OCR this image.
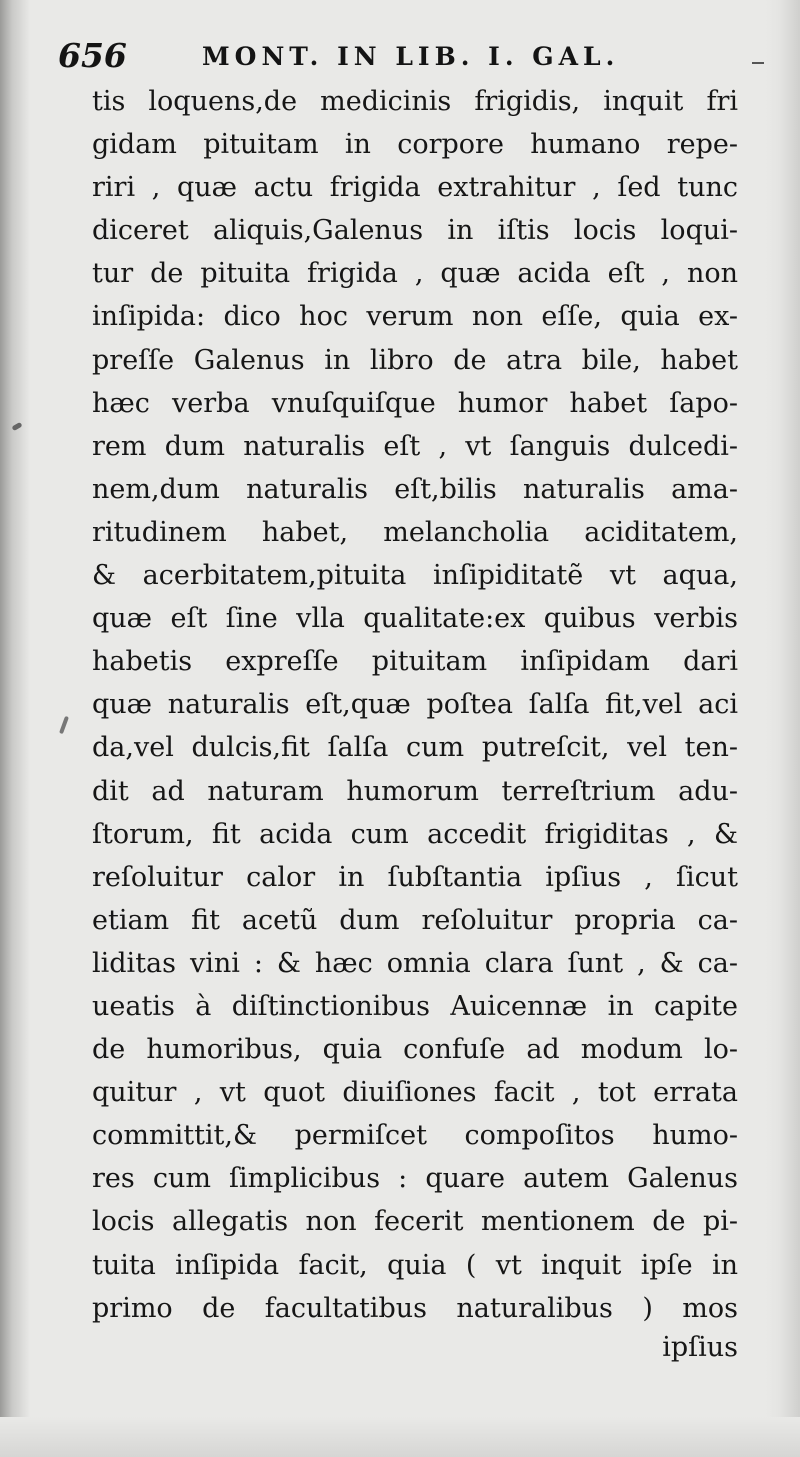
656	MONT. IN LIB. I. GAL.
tis loquens,de medicinis frigidis, inquit fri
gidam pituitam in corpore humano repe-
riri , quæ actu frigida extrahitur , ſed tunc
diceret aliquis,Galenus in iſtis locis loqui-
tur de pituita frigida , quæ acida eſt , non
inſipida: dico hoc verum non eſſe, quia ex-
preſſe Galenus in libro de atra bile, habet
hæc verba vnuſquiſque humor habet ſapo-
rem dum naturalis eſt , vt ſanguis dulcedi-
nem,dum naturalis eſt,bilis naturalis ama-
ritudinem habet, melancholia aciditatem,
& acerbitatem,pituita inſipiditatẽ vt aqua,
quæ eſt ſine vlla qualitate:ex quibus verbis
habetis expreſſe pituitam inſipidam dari
quæ naturalis eſt,quæ poſtea ſalſa fit,vel aci
da,vel dulcis,fit ſalſa cum putreſcit, vel ten-
dit ad naturam humorum terreſtrium adu-
ſtorum, fit acida cum accedit frigiditas , &
reſoluitur calor in ſubſtantia ipſius , ſicut
etiam fit acetũ dum reſoluitur propria ca-
liditas vini : & hæc omnia clara ſunt , & ca-
ueatis à diſtinctionibus Auicennæ in capite
de humoribus, quia confuſe ad modum lo-
quitur , vt quot diuiſiones facit , tot errata
committit,& permiſcet compoſitos humo-
res cum ſimplicibus : quare autem Galenus
locis allegatis non fecerit mentionem de pi-
tuita inſipida facit, quia ( vt inquit ipſe in
primo de facultatibus naturalibus ) mos
ipſius
